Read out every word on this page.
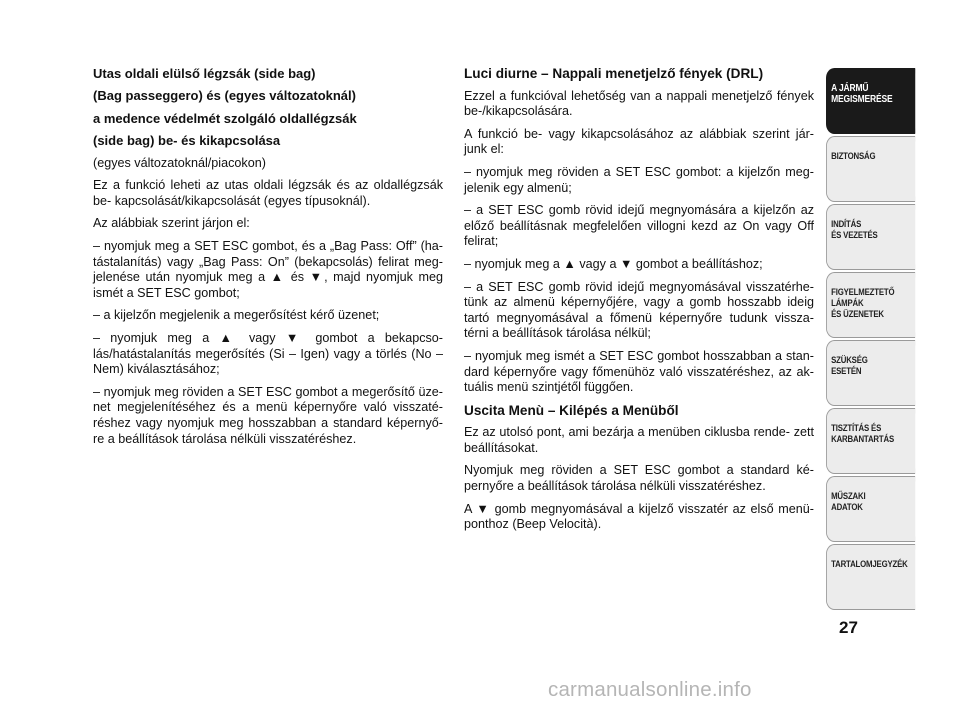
Utas oldali elülső légzsák (side bag)

(Bag passeggero) és (egyes változatoknál)

a medence védelmét szolgáló oldallégzsák

(side bag) be- és kikapcsolása

(egyes változatoknál/piacokon)

Ez a funkció leheti az utas oldali légzsák és az oldallégzsák be- kapcsolását/kikapcsolását (egyes típusoknál).

Az alábbiak szerint járjon el:

– nyomjuk meg a SET ESC gombot, és a „Bag Pass: Off” (ha- tástalanítás) vagy „Bag Pass: On” (bekapcsolás) felirat meg- jelenése után nyomjuk meg a ▲ és ▼, majd nyomjuk meg ismét a SET ESC gombot;

– a kijelzőn megjelenik a megerősítést kérő üzenet;

– nyomjuk meg a ▲ vagy ▼ gombot a bekapcso- lás/hatástalanítás megerősítés (Si – Igen) vagy a törlés (No – Nem) kiválasztásához;

– nyomjuk meg röviden a SET ESC gombot a megerősítő üze- net megjelenítéséhez és a menü képernyőre való visszaté- réshez vagy nyomjuk meg hosszabban a standard képernyő- re a beállítások tárolása nélküli visszatéréshez.

Luci diurne – Nappali menetjelző fények (DRL)

Ezzel a funkcióval lehetőség van a nappali menetjelző fények be-/kikapcsolására.

A funkció be- vagy kikapcsolásához az alábbiak szerint jár- junk el:

– nyomjuk meg röviden a SET ESC gombot: a kijelzőn meg- jelenik egy almenü;

– a SET ESC gomb rövid idejű megnyomására a kijelzőn az előző beállításnak megfelelően villogni kezd az On vagy Off felirat;

– nyomjuk meg a ▲ vagy a ▼ gombot a beállításhoz;

– a SET ESC gomb rövid idejű megnyomásával visszatérhe- tünk az almenü képernyőjére, vagy a gomb hosszabb ideig tartó megnyomásával a főmenü képernyőre tudunk vissza- térni a beállítások tárolása nélkül;

– nyomjuk meg ismét a SET ESC gombot hosszabban a stan- dard képernyőre vagy főmenühöz való visszatéréshez, az ak- tuális menü szintjétől függően.

Uscita Menù – Kilépés a Menüből

Ez az utolsó pont, ami bezárja a menüben ciklusba rende- zett beállításokat.

Nyomjuk meg röviden a SET ESC gombot a standard ké- pernyőre a beállítások tárolása nélküli visszatéréshez.

A ▼ gomb megnyomásával a kijelző visszatér az első menü- ponthoz (Beep Velocità).

A JÁRMŰ
MEGISMERÉSE
BIZTONSÁG
INDÍTÁS
ÉS VEZETÉS
FIGYELMEZTETŐ
LÁMPÁK
ÉS ÜZENETEK
SZÜKSÉG
ESETÉN
TISZTÍTÁS ÉS
KARBANTARTÁS
MŰSZAKI
ADATOK
TARTALOMJEGYZÉK
27
carmanualsonline.info
